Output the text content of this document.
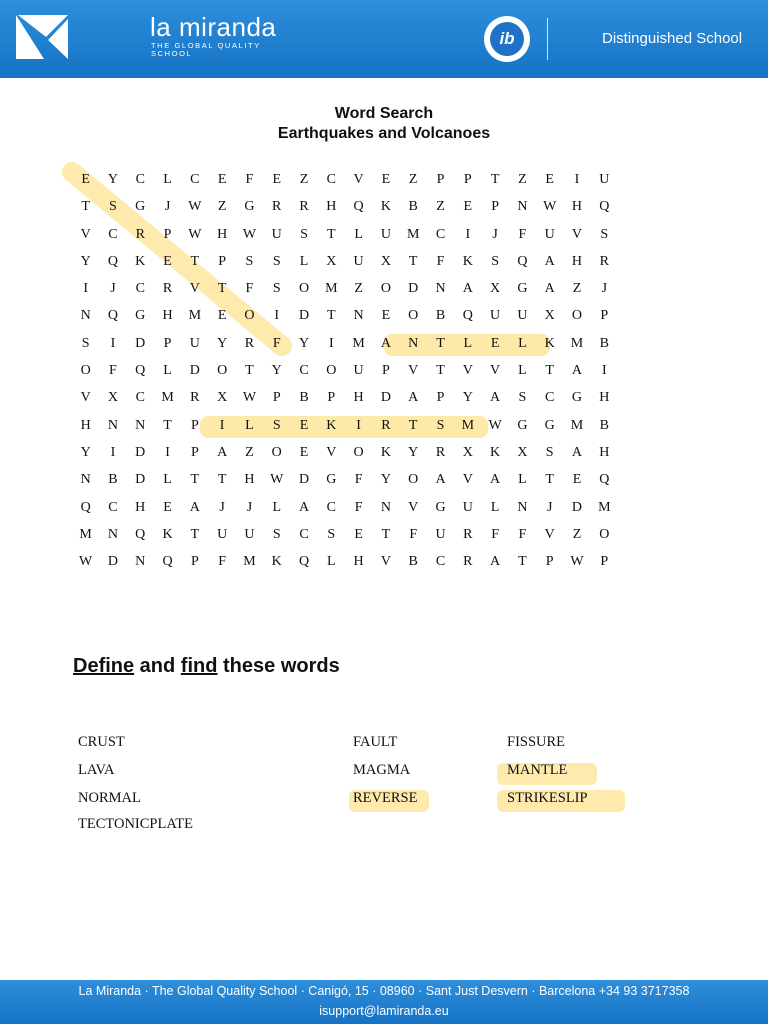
la miranda
THE GLOBAL QUALITY SCHOOL
ib	Distinguished School
Word Search
Earthquakes and Volcanoes
E	Y	C	L	C	E	F	E	Z	C	V	E	Z	P	P	T	Z	E	I	U
T	S	G	J	W	Z	G	R	R	H	Q	K	B	Z	E	P	N	W	H	Q
V	C	R	P	W	H	W	U	S	T	L	U	M	C	I	J	F	U	V	S
Y	Q	K	E	T	P	S	S	L	X	U	X	T	F	K	S	Q	A	H	R
I	J	C	R	V	T	F	S	O	M	Z	O	D	N	A	X	G	A	Z	J
N	Q	G	H	M	E	O	I	D	T	N	E	O	B	Q	U	U	X	O	P
S	I	D	P	U	Y	R	F	Y	I	M	A	N	T	L	E	L	K	M	B
O	F	Q	L	D	O	T	Y	C	O	U	P	V	T	V	V	L	T	A	I
V	X	C	M	R	X	W	P	B	P	H	D	A	P	Y	A	S	C	G	H
H	N	N	T	P	I	L	S	E	K	I	R	T	S	M	W	G	G	M	B
Y	I	D	I	P	A	Z	O	E	V	O	K	Y	R	X	K	X	S	A	H
N	B	D	L	T	T	H	W	D	G	F	Y	O	A	V	A	L	T	E	Q
Q	C	H	E	A	J	J	L	A	C	F	N	V	G	U	L	N	J	D	M
M	N	Q	K	T	U	U	S	C	S	E	T	F	U	R	F	F	V	Z	O
W	D	N	Q	P	F	M	K	Q	L	H	V	B	C	R	A	T	P	W	P
Define and find these words
CRUST	FAULT	FISSURE
LAVA	MAGMA	MANTLE
NORMAL	REVERSE	STRIKESLIP
TECTONICPLATE
La Miranda · The Global Quality School · Canigó, 15 · 08960 · Sant Just Desvern · Barcelona +34 93 3717358
isupport@lamiranda.eu
